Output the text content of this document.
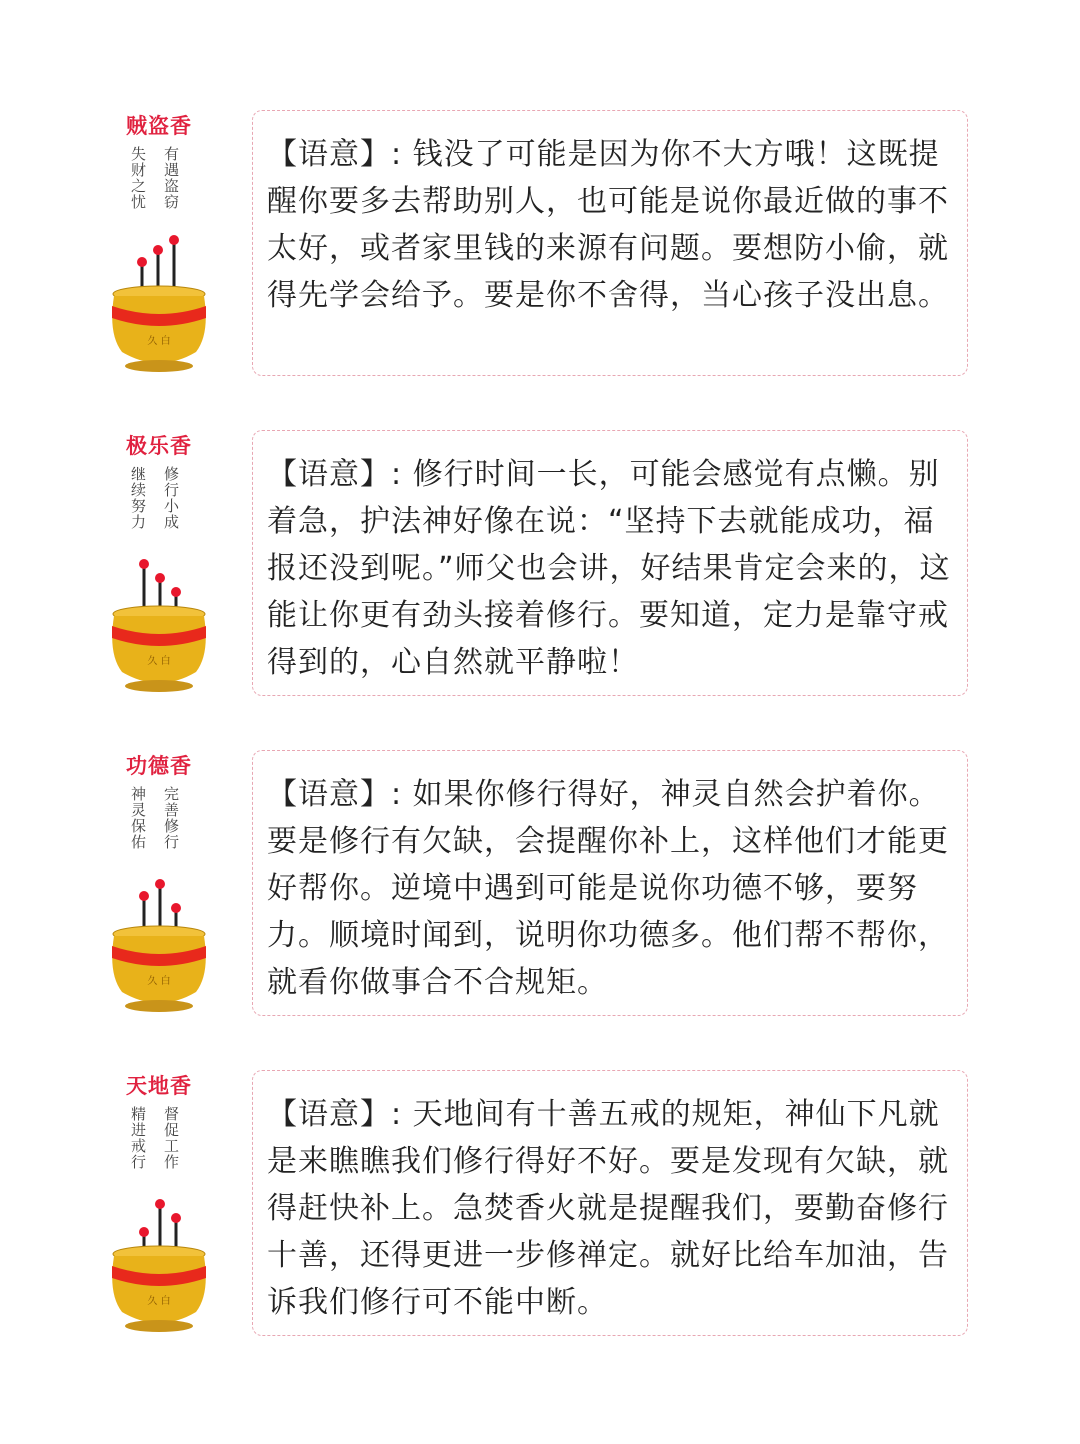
贼盗香
有遇盗窃
失财之忧
久 白

【语意】: 钱没了可能是因为你不大方哦！这既提醒你要多去帮助别人，也可能是说你最近做的事不太好，或者家里钱的来源有问题。要想防小偷，就得先学会给予。要是你不舍得，当心孩子没出息。

极乐香
修行小成
继续努力
久 白

【语意】: 修行时间一长，可能会感觉有点懒。别着急，护法神好像在说：“坚持下去就能成功，福报还没到呢。”师父也会讲，好结果肯定会来的，这能让你更有劲头接着修行。要知道，定力是靠守戒得到的，心自然就平静啦！

功德香
完善修行
神灵保佑
久 白

【语意】: 如果你修行得好，神灵自然会护着你。要是修行有欠缺，会提醒你补上，这样他们才能更好帮你。逆境中遇到可能是说你功德不够，要努力。顺境时闻到，说明你功德多。他们帮不帮你，就看你做事合不合规矩。

天地香
督促工作
精进戒行
久 白

【语意】: 天地间有十善五戒的规矩，神仙下凡就是来瞧瞧我们修行得好不好。要是发现有欠缺，就得赶快补上。急焚香火就是提醒我们，要勤奋修行十善，还得更进一步修禅定。就好比给车加油，告诉我们修行可不能中断。
